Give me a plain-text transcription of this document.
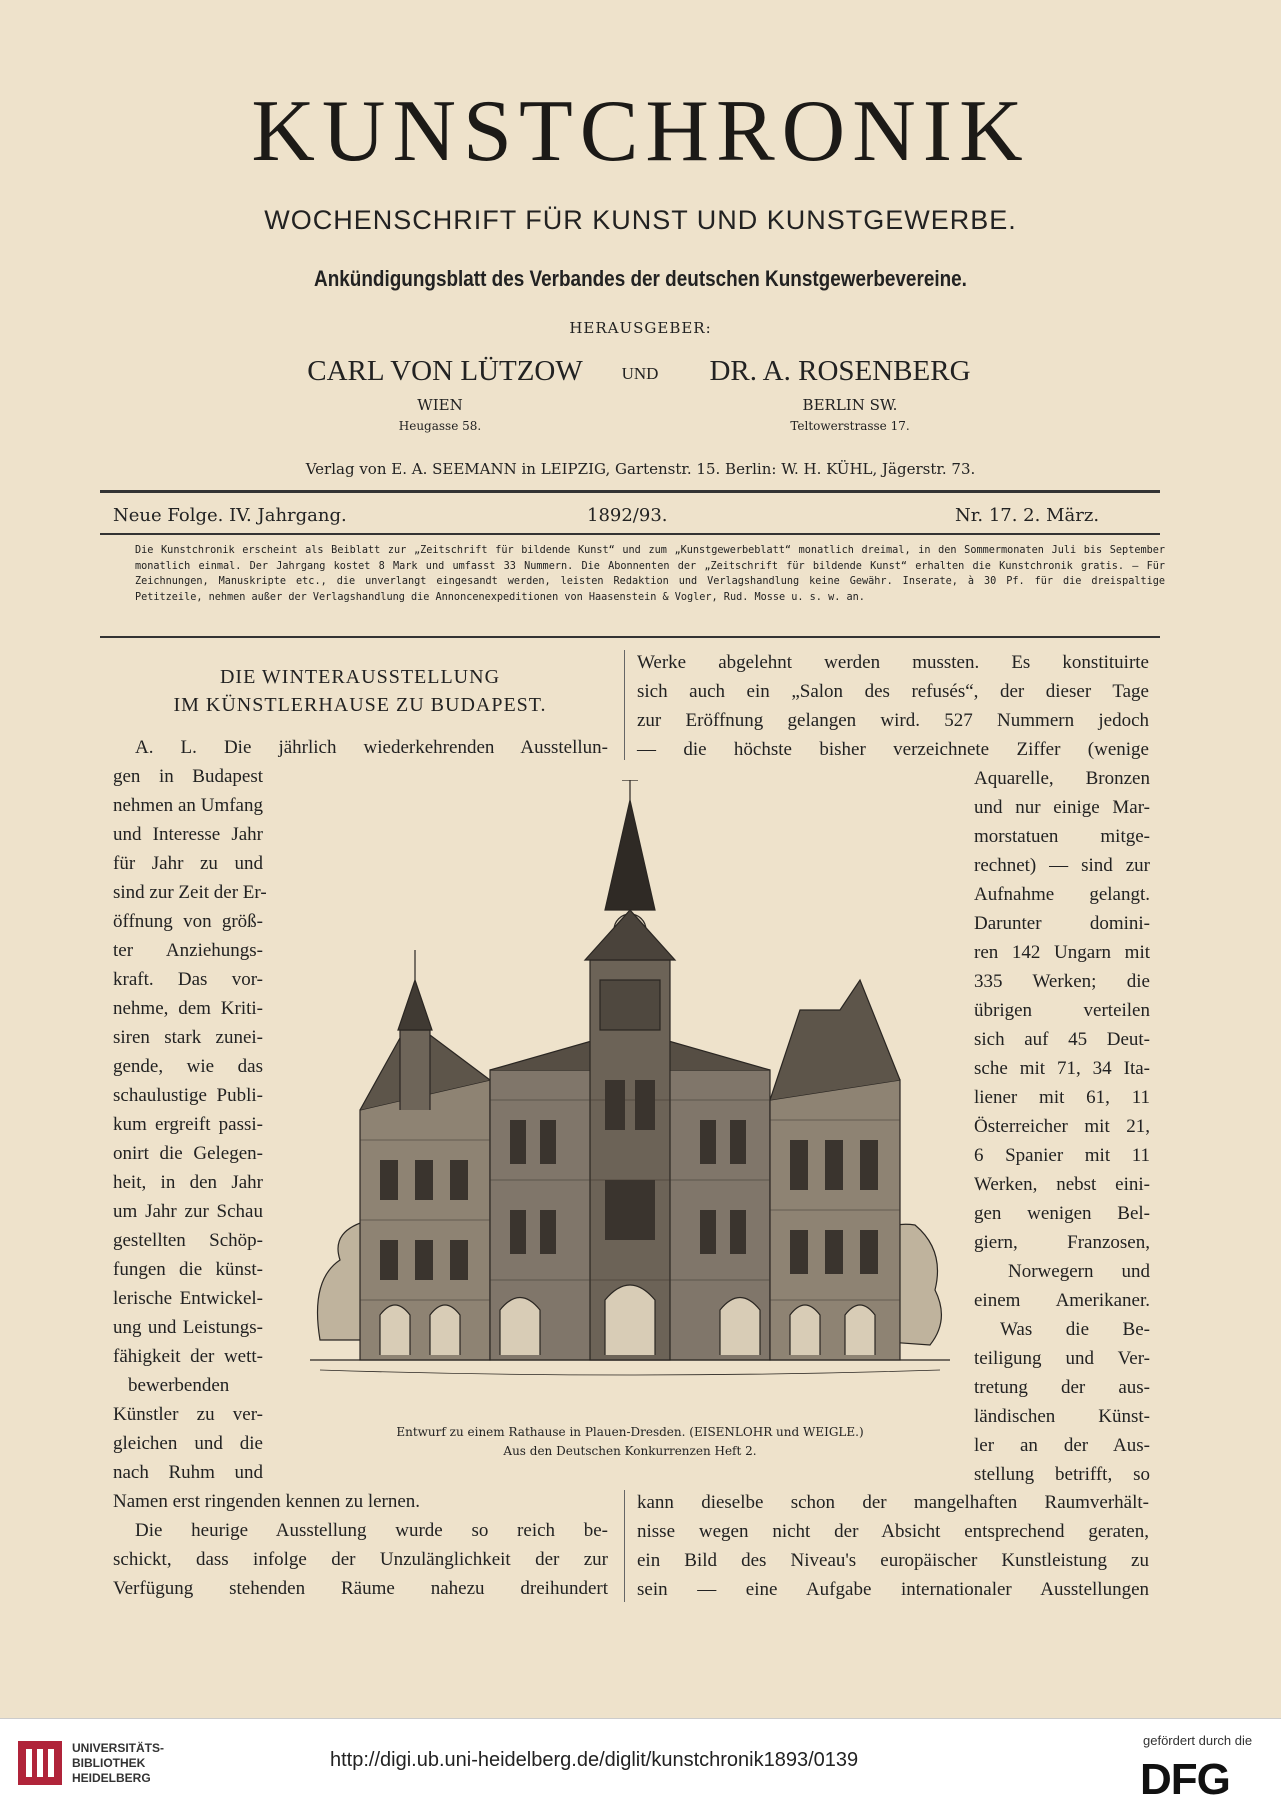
KUNSTCHRONIK
WOCHENSCHRIFT FÜR KUNST UND KUNSTGEWERBE.
Ankündigungsblatt des Verbandes der deutschen Kunstgewerbevereine.
HERAUSGEBER:
CARL VON LÜTZOW	UND	DR. A. ROSENBERG
WIEN
Heugasse 58.
BERLIN SW.
Teltowerstrasse 17.
Verlag von E. A. SEEMANN in LEIPZIG, Gartenstr. 15. Berlin: W. H. KÜHL, Jägerstr. 73.
Neue Folge. IV. Jahrgang.	1892/93.	Nr. 17. 2. März.
Die Kunstchronik erscheint als Beiblatt zur „Zeitschrift für bildende Kunst“ und zum „Kunstgewerbeblatt“ monatlich dreimal, in den Sommermonaten Juli bis September monatlich einmal. Der Jahrgang kostet 8 Mark und umfasst 33 Nummern. Die Abonnenten der „Zeitschrift für bildende Kunst“ erhalten die Kunstchronik gratis. — Für Zeichnungen, Manuskripte etc., die unverlangt eingesandt werden, leisten Redaktion und Verlagshandlung keine Gewähr. Inserate, à 30 Pf. für die dreispaltige Petitzeile, nehmen außer der Verlagshandlung die Annoncenexpeditionen von Haasenstein & Vogler, Rud. Mosse u. s. w. an.
DIE WINTERAUSSTELLUNG
IM KÜNSTLERHAUSE ZU BUDAPEST.

A. L. Die jährlich wiederkehrenden Ausstellun-

gen in Budapest

nehmen an Umfang

und Interesse Jahr

für Jahr zu und

sind zur Zeit der Er-

öffnung von größ-

ter Anziehungs-

kraft. Das vor-

nehme, dem Kriti-

siren stark zunei-

gende, wie das

schaulustige Publi-

kum ergreift passi-

onirt die Gelegen-

heit, in den Jahr

um Jahr zur Schau

gestellten Schöp-

fungen die künst-

lerische Entwickel-

ung und Leistungs-

fähigkeit der wett-

bewerbenden

Künstler zu ver-

gleichen und die

nach Ruhm und

Namen erst ringenden kennen zu lernen.

Die heurige Ausstellung wurde so reich be-

schickt, dass infolge der Unzulänglichkeit der zur

Verfügung stehenden Räume nahezu dreihundert

Werke abgelehnt werden mussten. Es konstituirte

sich auch ein „Salon des refusés“, der dieser Tage

zur Eröffnung gelangen wird. 527 Nummern jedoch

— die höchste bisher verzeichnete Ziffer (wenige

Aquarelle, Bronzen

und nur einige Mar-

morstatuen mitge-

rechnet) — sind zur

Aufnahme gelangt.

Darunter domini-

ren 142 Ungarn mit

335 Werken; die

übrigen verteilen

sich auf 45 Deut-

sche mit 71, 34 Ita-

liener mit 61, 11

Österreicher mit 21,

6 Spanier mit 11

Werken, nebst eini-

gen wenigen Bel-

giern, Franzosen,

Norwegern und

einem Amerikaner.

Was die Be-

teiligung und Ver-

tretung der aus-

ländischen Künst-

ler an der Aus-

stellung betrifft, so

kann dieselbe schon der mangelhaften Raumverhält-

nisse wegen nicht der Absicht entsprechend geraten,

ein Bild des Niveau's europäischer Kunstleistung zu

sein — eine Aufgabe internationaler Ausstellungen

Entwurf zu einem Rathause in Plauen-Dresden. (EISENLOHR und WEIGLE.)
Aus den Deutschen Konkurrenzen Heft 2.
UNIVERSITÄTS-
BIBLIOTHEK
HEIDELBERG
http://digi.ub.uni-heidelberg.de/diglit/kunstchronik1893/0139
gefördert durch die
DFG
